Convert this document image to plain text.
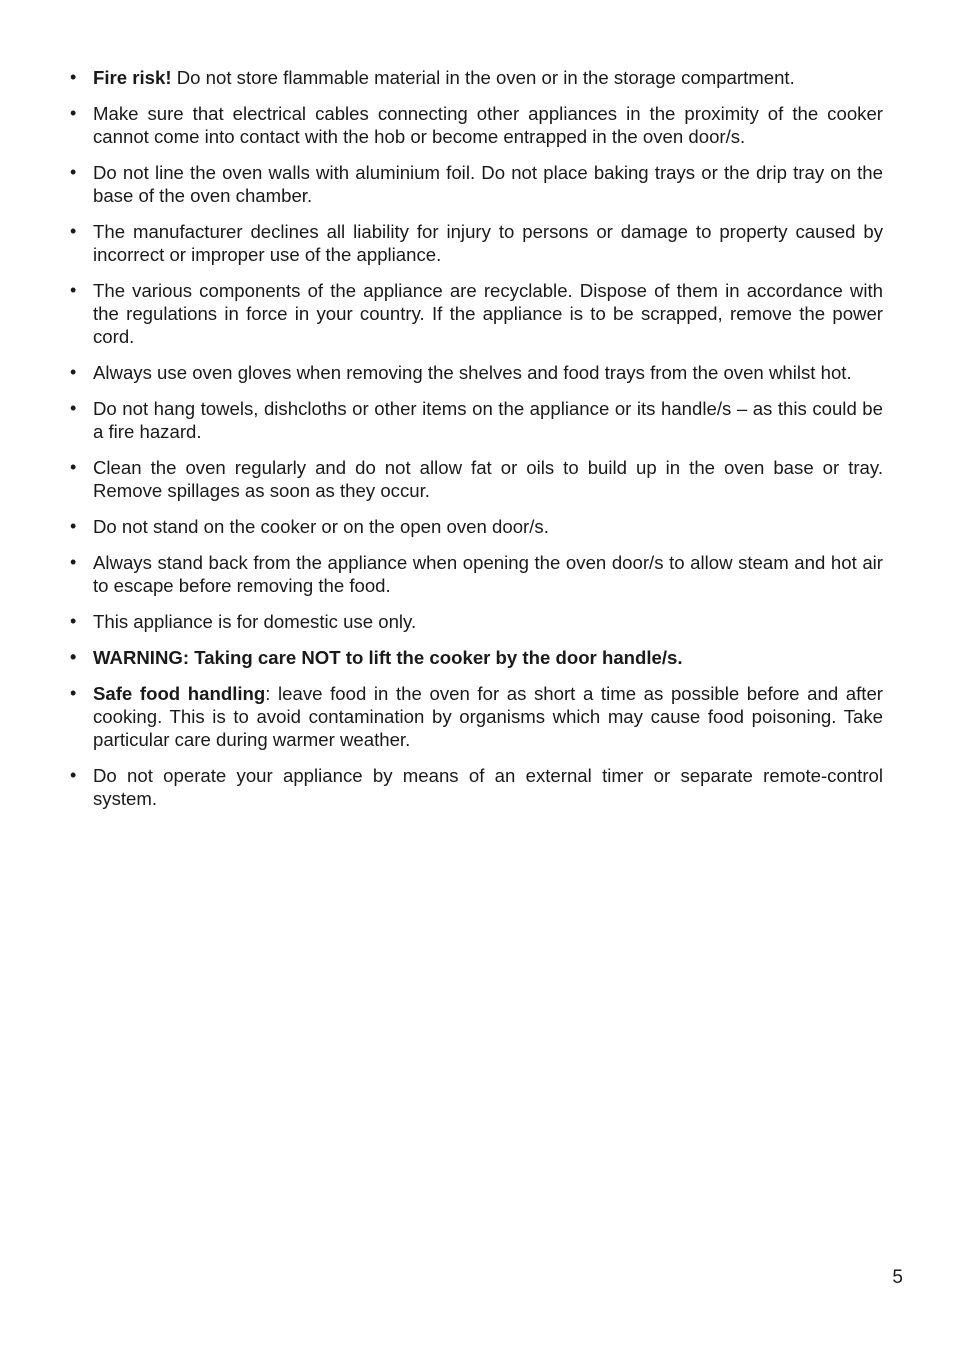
• Fire risk! Do not store flammable material in the oven or in the storage compartment.
• Make sure that electrical cables connecting other appliances in the proximity of the cooker cannot come into contact with the hob or become entrapped in the oven door/s.
• Do not line the oven walls with aluminium foil. Do not place baking trays or the drip tray on the base of the oven chamber.
• The manufacturer declines all liability for injury to persons or damage to property caused by incorrect or improper use of the appliance.
• The various components of the appliance are recyclable. Dispose of them in accordance with the regulations in force in your country. If the appliance is to be scrapped, remove the power cord.
• Always use oven gloves when removing the shelves and food trays from the oven whilst hot.
• Do not hang towels, dishcloths or other items on the appliance or its handle/s – as this could be a fire hazard.
• Clean the oven regularly and do not allow fat or oils to build up in the oven base or tray. Remove spillages as soon as they occur.
• Do not stand on the cooker or on the open oven door/s.
• Always stand back from the appliance when opening the oven door/s to allow steam and hot air to escape before removing the food.
• This appliance is for domestic use only.
• WARNING: Taking care NOT to lift the cooker by the door handle/s.
• Safe food handling: leave food in the oven for as short a time as possible before and after cooking. This is to avoid contamination by organisms which may cause food poisoning. Take particular care during warmer weather.
• Do not operate your appliance by means of an external timer or separate remote-control system.
5
